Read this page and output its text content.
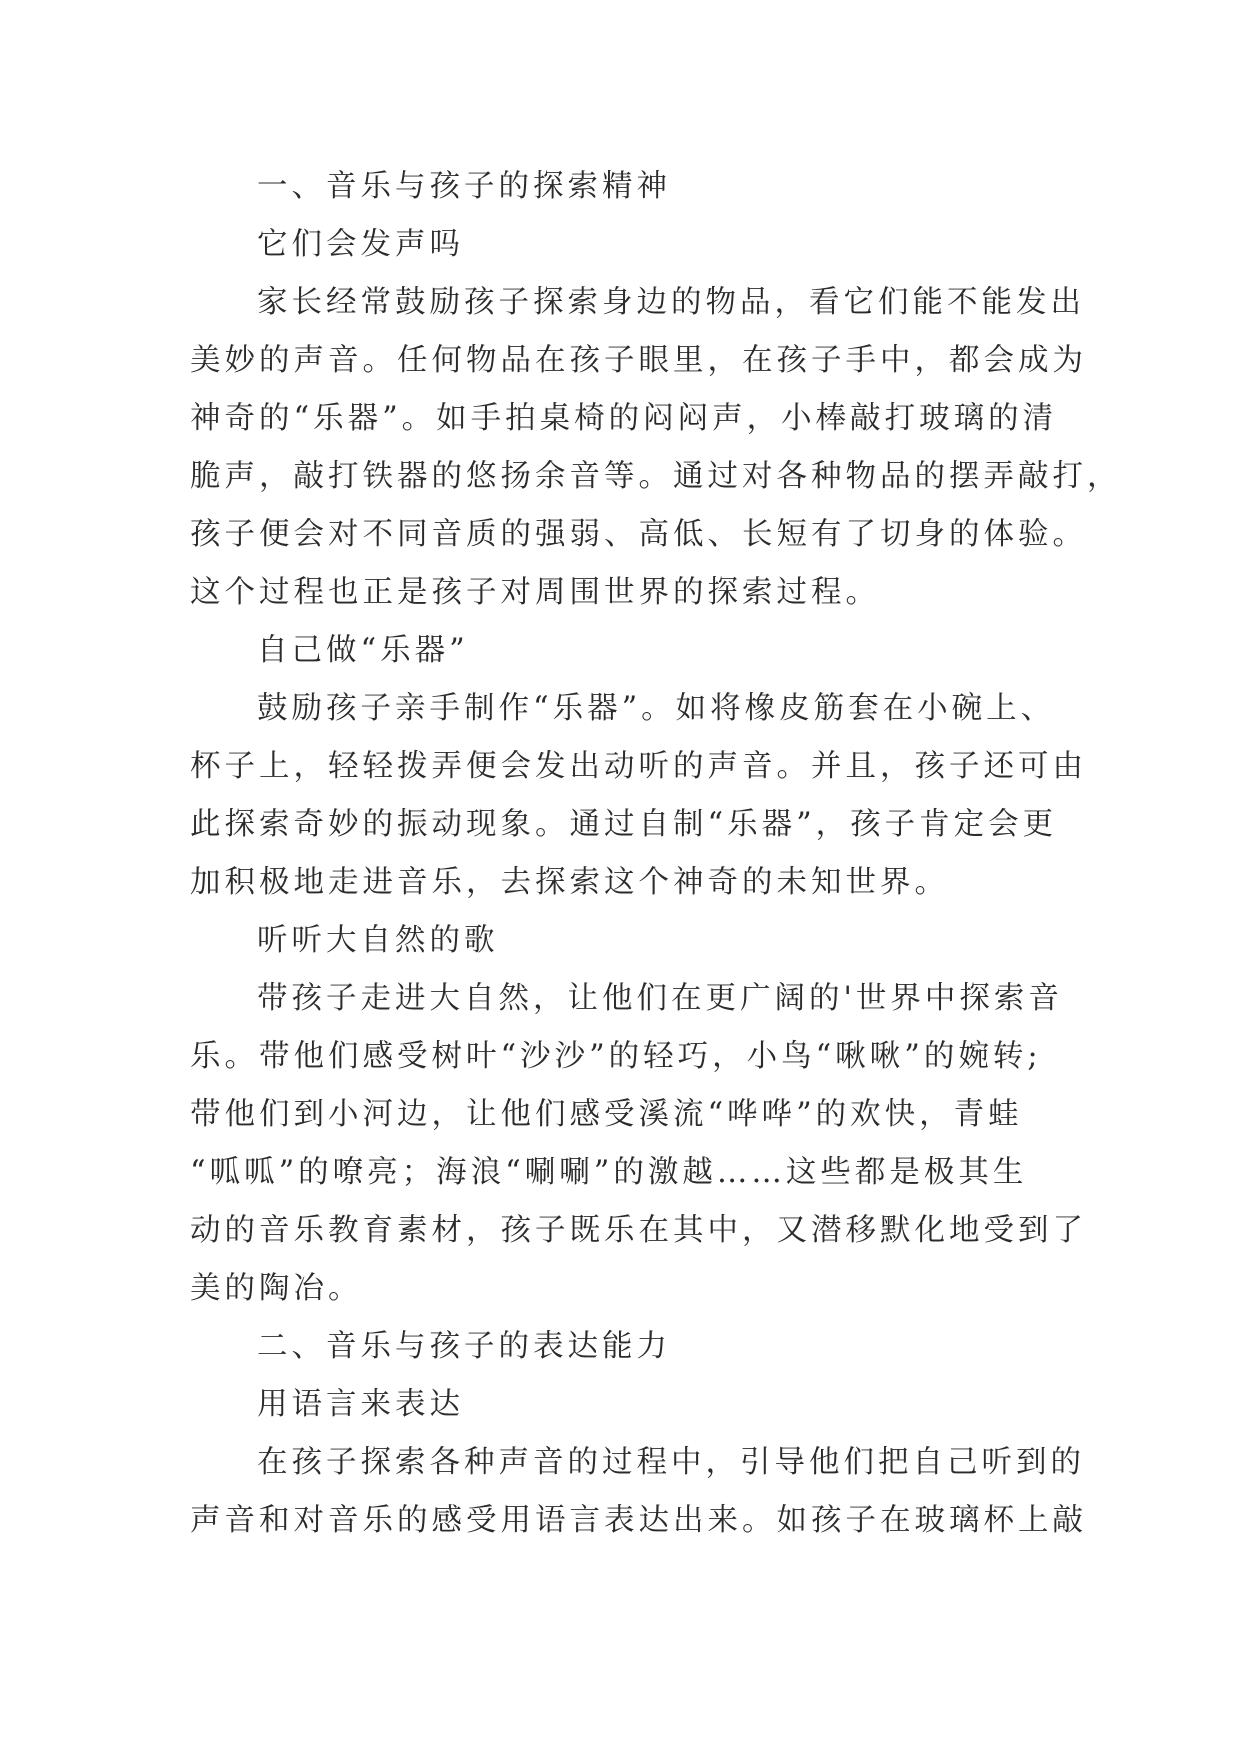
一、音乐与孩子的探索精神
它们会发声吗
家长经常鼓励孩子探索身边的物品，看它们能不能发出
美妙的声音。任何物品在孩子眼里，在孩子手中，都会成为
神奇的“乐器”。如手拍桌椅的闷闷声，小棒敲打玻璃的清
脆声，敲打铁器的悠扬余音等。通过对各种物品的摆弄敲打，
孩子便会对不同音质的强弱、高低、长短有了切身的体验。
这个过程也正是孩子对周围世界的探索过程。
自己做“乐器”
鼓励孩子亲手制作“乐器”。如将橡皮筋套在小碗上、
杯子上，轻轻拨弄便会发出动听的声音。并且，孩子还可由
此探索奇妙的振动现象。通过自制“乐器”，孩子肯定会更
加积极地走进音乐，去探索这个神奇的未知世界。
听听大自然的歌
带孩子走进大自然，让他们在更广阔的'世界中探索音
乐。带他们感受树叶“沙沙”的轻巧，小鸟“啾啾”的婉转;
带他们到小河边，让他们感受溪流“哗哗”的欢快，青蛙
“呱呱”的嘹亮；海浪“唰唰”的激越……这些都是极其生
动的音乐教育素材，孩子既乐在其中，又潜移默化地受到了
美的陶冶。
二、音乐与孩子的表达能力
用语言来表达
在孩子探索各种声音的过程中，引导他们把自己听到的
声音和对音乐的感受用语言表达出来。如孩子在玻璃杯上敲
